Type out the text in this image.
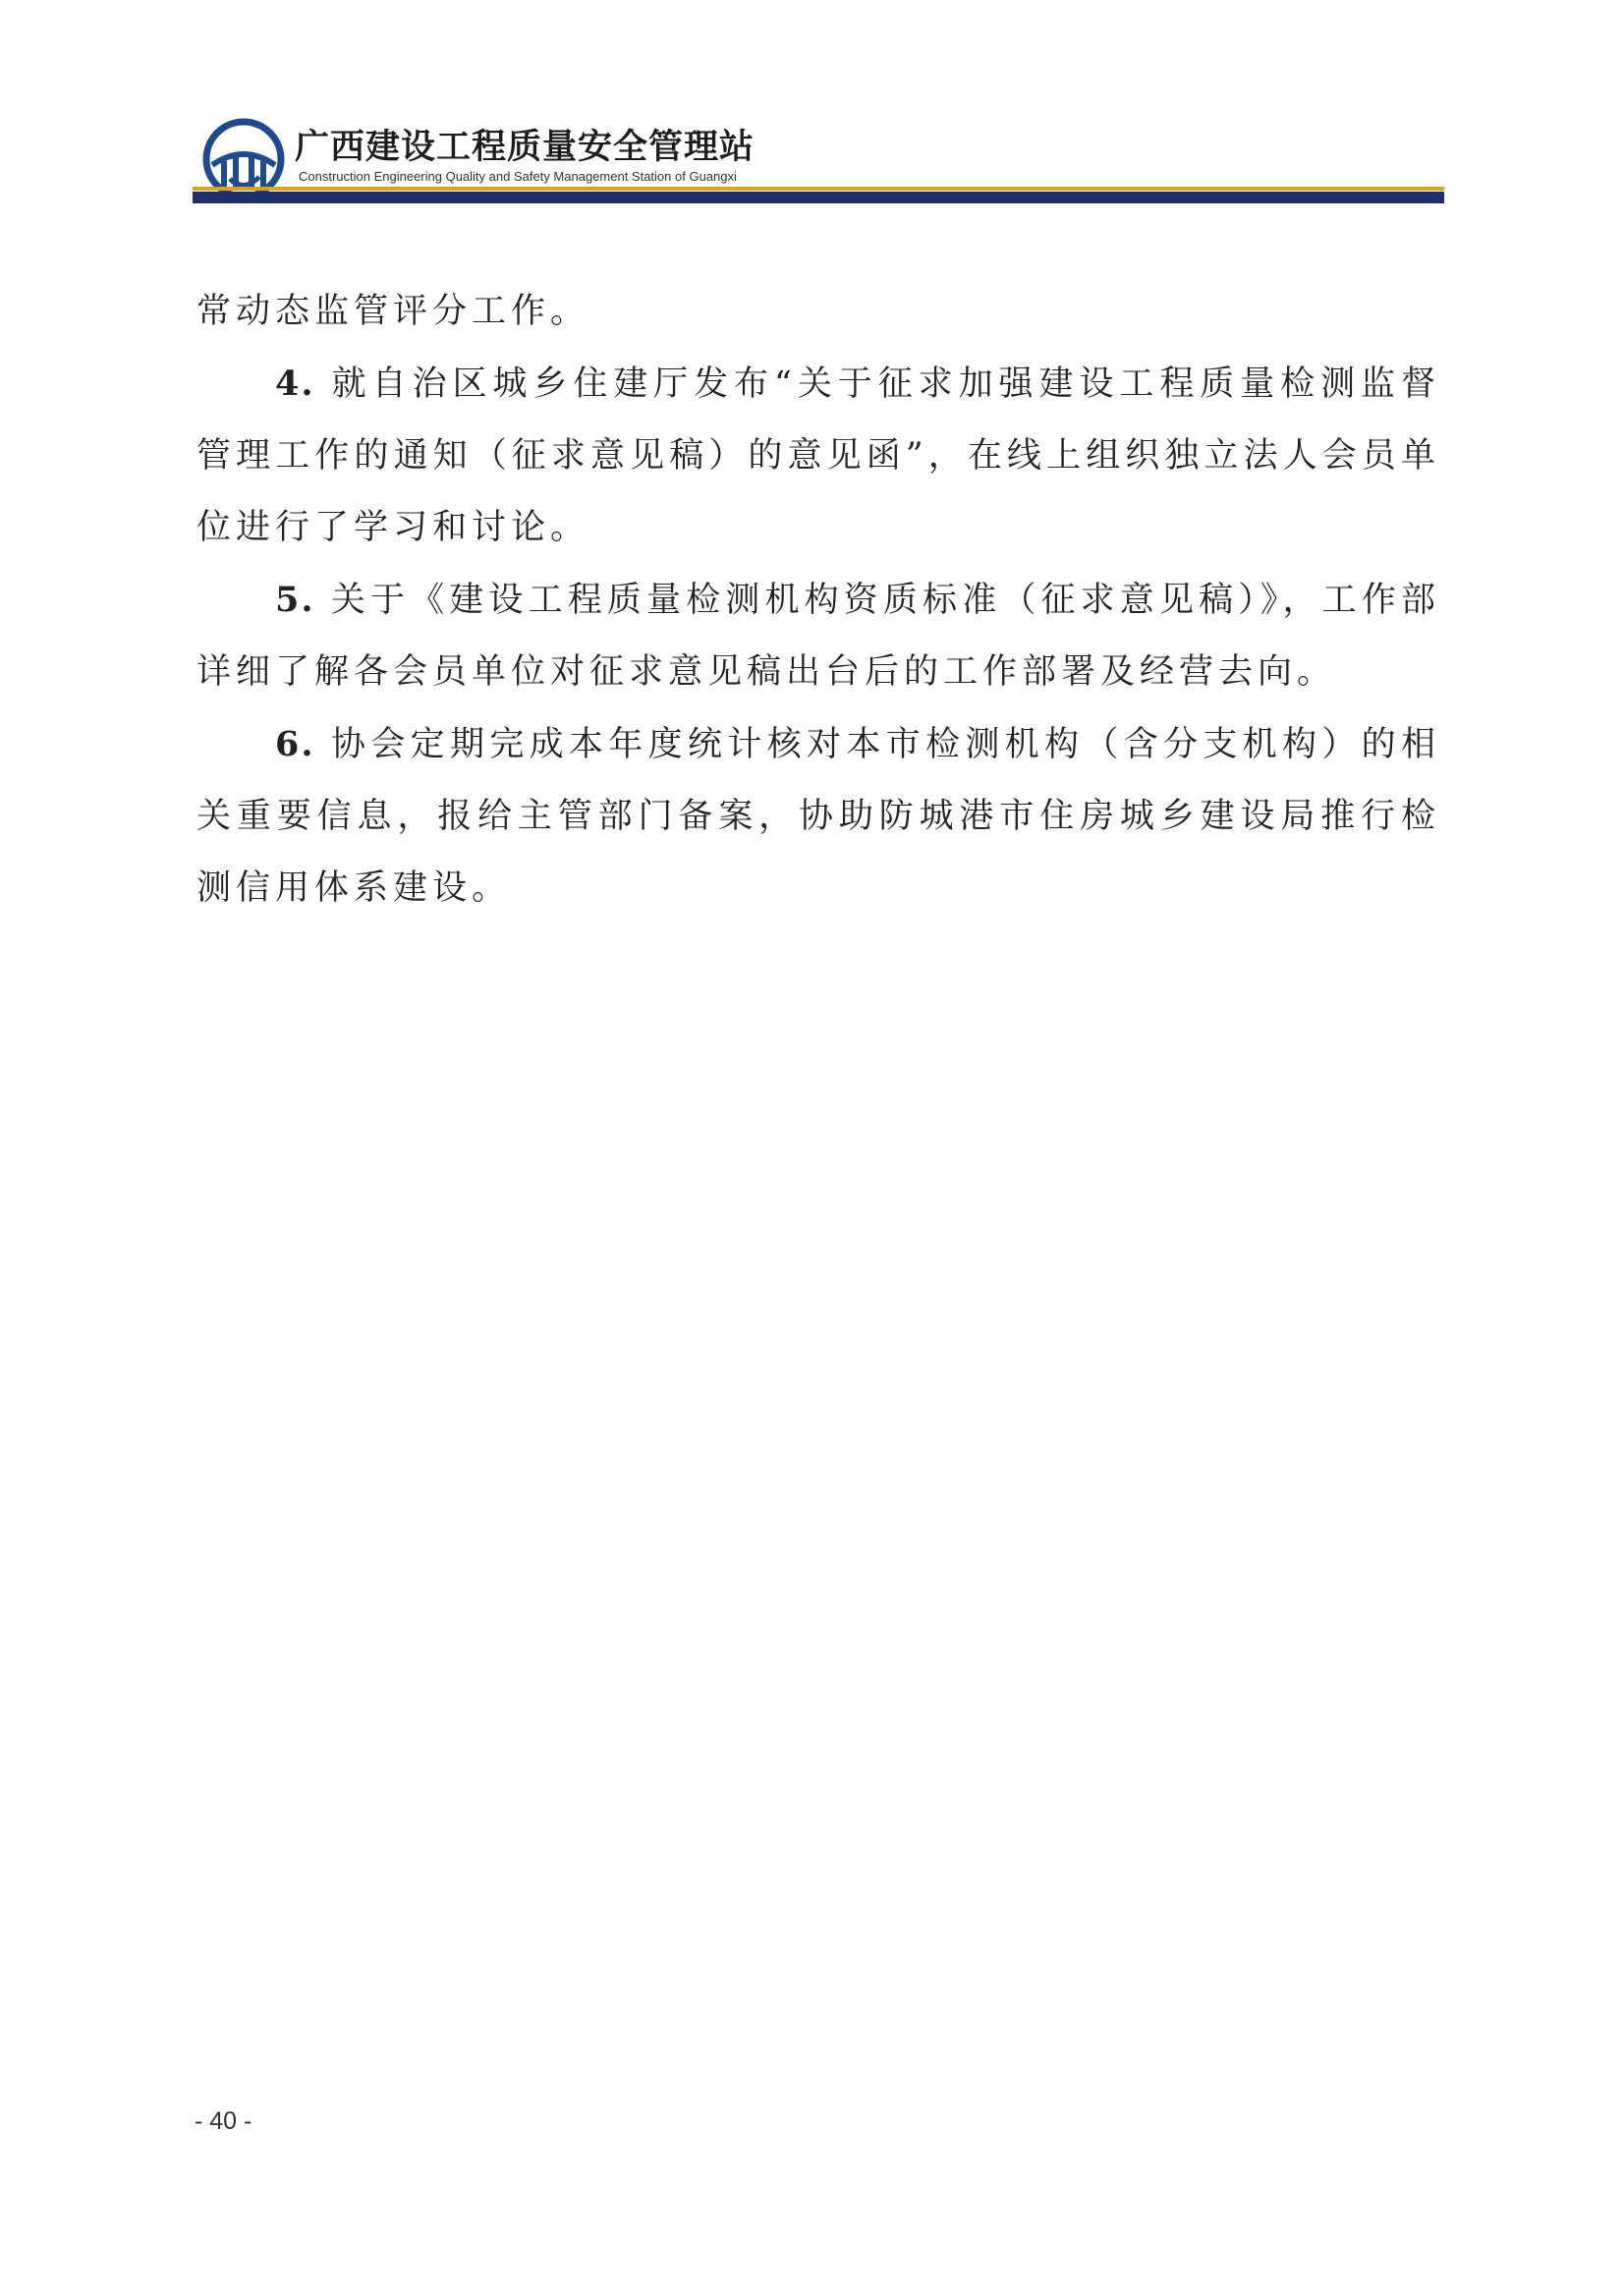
广西建设工程质量安全管理站
Construction Engineering Quality and Safety Management Station of Guangxi

常动态监管评分工作。

4. 就自治区城乡住建厅发布“关于征求加强建设工程质量检测监督管理工作的通知（征求意见稿）的意见函”，在线上组织独立法人会员单位进行了学习和讨论。

5. 关于《建设工程质量检测机构资质标准（征求意见稿）》，工作部详细了解各会员单位对征求意见稿出台后的工作部署及经营去向。

6. 协会定期完成本年度统计核对本市检测机构（含分支机构）的相关重要信息，报给主管部门备案，协助防城港市住房城乡建设局推行检测信用体系建设。

- 40 -
